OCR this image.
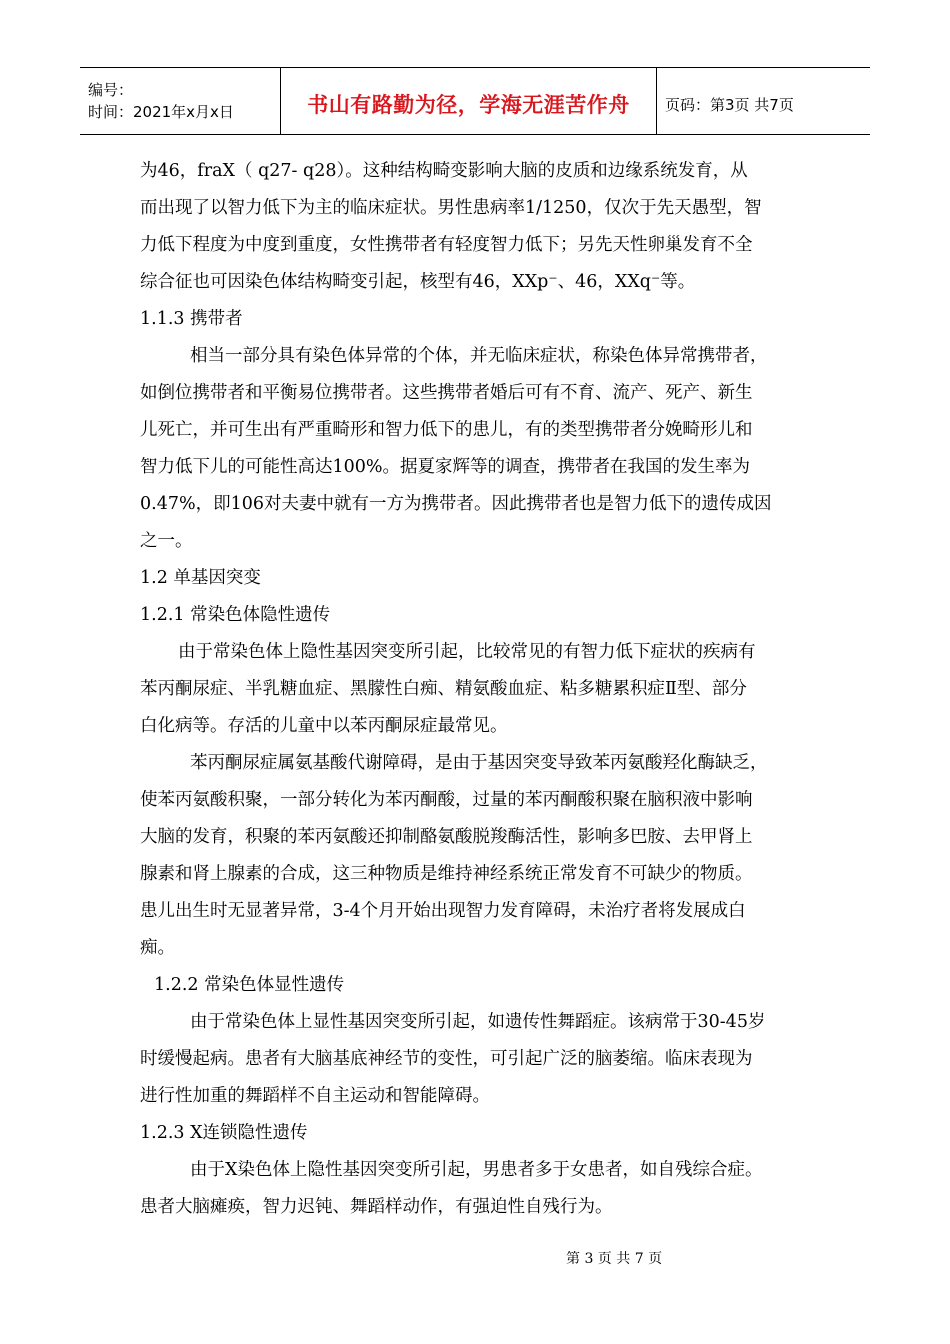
编号：
时间：2021年x月x日	书山有路勤为径，学海无涯苦作舟 页码：第3页 共7页
为46，fraX（ q27- q28）。这种结构畸变影响大脑的皮质和边缘系统发育，从
而出现了以智力低下为主的临床症状。男性患病率1/1250，仅次于先天愚型，智
力低下程度为中度到重度，女性携带者有轻度智力低下；另先天性卵巢发育不全
综合征也可因染色体结构畸变引起，核型有46，XXp⁻、46，XXq⁻等。
1.1.3 携带者
相当一部分具有染色体异常的个体，并无临床症状，称染色体异常携带者，
如倒位携带者和平衡易位携带者。这些携带者婚后可有不育、流产、死产、新生
儿死亡，并可生出有严重畸形和智力低下的患儿，有的类型携带者分娩畸形儿和
智力低下儿的可能性高达100%。据夏家辉等的调查，携带者在我国的发生率为
0.47%，即106对夫妻中就有一方为携带者。因此携带者也是智力低下的遗传成因
之一。
1.2 单基因突变
1.2.1 常染色体隐性遗传
由于常染色体上隐性基因突变所引起，比较常见的有智力低下症状的疾病有
苯丙酮尿症、半乳糖血症、黑朦性白痴、精氨酸血症、粘多糖累积症Ⅱ型、部分
白化病等。存活的儿童中以苯丙酮尿症最常见。
苯丙酮尿症属氨基酸代谢障碍，是由于基因突变导致苯丙氨酸羟化酶缺乏，
使苯丙氨酸积聚，一部分转化为苯丙酮酸，过量的苯丙酮酸积聚在脑积液中影响
大脑的发育，积聚的苯丙氨酸还抑制酪氨酸脱羧酶活性，影响多巴胺、去甲肾上
腺素和肾上腺素的合成，这三种物质是维持神经系统正常发育不可缺少的物质。
患儿出生时无显著异常，3-4个月开始出现智力发育障碍，未治疗者将发展成白
痴。
1.2.2 常染色体显性遗传
由于常染色体上显性基因突变所引起，如遗传性舞蹈症。该病常于30-45岁
时缓慢起病。患者有大脑基底神经节的变性，可引起广泛的脑萎缩。临床表现为
进行性加重的舞蹈样不自主运动和智能障碍。
1.2.3 X连锁隐性遗传
由于X染色体上隐性基因突变所引起，男患者多于女患者，如自残综合症。
患者大脑瘫痪，智力迟钝、舞蹈样动作，有强迫性自残行为。
第 3 页 共 7 页
